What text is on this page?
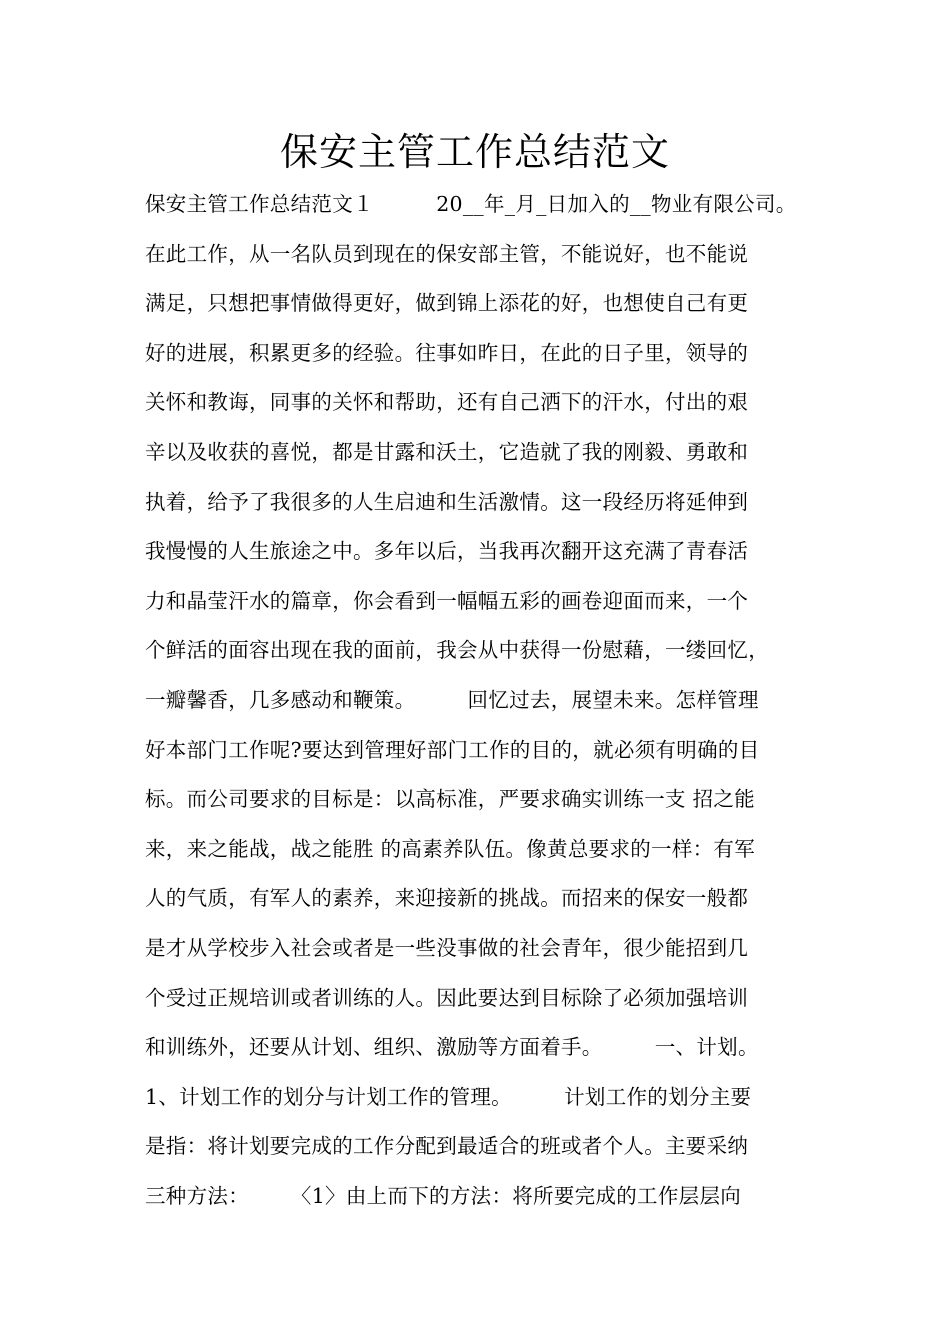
保安主管工作总结范文
保安主管工作总结范文１　　　20__年_月_日加入的__物业有限公司。
在此工作，从一名队员到现在的保安部主管，不能说好，也不能说
满足，只想把事情做得更好，做到锦上添花的好，也想使自己有更
好的进展，积累更多的经验。往事如昨日，在此的日子里，领导的
关怀和教诲，同事的关怀和帮助，还有自己洒下的汗水，付出的艰
辛以及收获的喜悦，都是甘露和沃土，它造就了我的刚毅、勇敢和
执着，给予了我很多的人生启迪和生活激情。这一段经历将延伸到
我慢慢的人生旅途之中。多年以后，当我再次翻开这充满了青春活
力和晶莹汗水的篇章，你会看到一幅幅五彩的画卷迎面而来，一个
个鲜活的面容出现在我的面前，我会从中获得一份慰藉，一缕回忆，
一瓣馨香，几多感动和鞭策。　　　回忆过去，展望未来。怎样管理
好本部门工作呢?要达到管理好部门工作的目的，就必须有明确的目
标。而公司要求的目标是：以高标准，严要求确实训练一支 招之能
来，来之能战，战之能胜 的高素养队伍。像黄总要求的一样：有军
人的气质，有军人的素养，来迎接新的挑战。而招来的保安一般都
是才从学校步入社会或者是一些没事做的社会青年，很少能招到几
个受过正规培训或者训练的人。因此要达到目标除了必须加强培训
和训练外，还要从计划、组织、激励等方面着手。　　　一、计划。
1、计划工作的划分与计划工作的管理。　　　计划工作的划分主要
是指：将计划要完成的工作分配到最适合的班或者个人。主要采纳
三种方法：　　　〈1〉由上而下的方法：将所要完成的工作层层向
